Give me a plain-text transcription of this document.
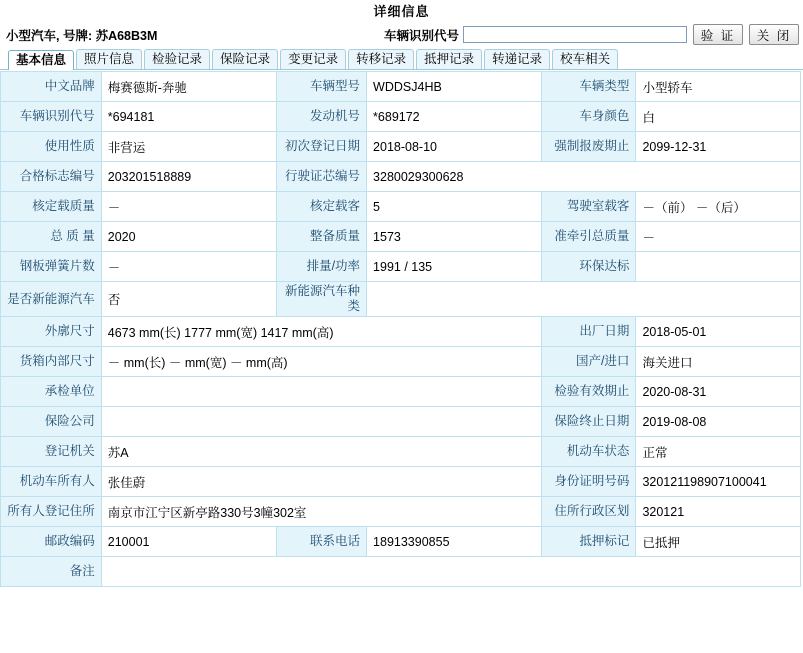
详细信息
小型汽车, 号牌: 苏A68B3M	车辆识别代号	验 证	关 闭
基本信息	照片信息	检验记录	保险记录	变更记录	转移记录	抵押记录	转递记录	校车相关
中文品牌	梅赛德斯-奔驰	车辆型号	WDDSJ4HB	车辆类型	小型轿车
车辆识别代号	*694181	发动机号	*689172	车身颜色	白
使用性质	非营运	初次登记日期	2018-08-10	强制报废期止	2099-12-31
合格标志编号	203201518889	行驶证芯编号	3280029300628		
核定载质量	－	核定载客	5	驾驶室载客	－（前） －（后）
总 质 量	2020	整备质量	1573	准牵引总质量	－
钢板弹簧片数	－	排量/功率	1991 / 135	环保达标	
是否新能源汽车	否	新能源汽车种类			
外廓尺寸	4673 mm(长) 1777 mm(宽) 1417 mm(高)			出厂日期	2018-05-01
货箱内部尺寸	－ mm(长) － mm(宽) － mm(高)			国产/进口	海关进口
承检单位				检验有效期止	2020-08-31
保险公司				保险终止日期	2019-08-08
登记机关	苏A			机动车状态	正常
机动车所有人	张佳蔚			身份证明号码	320121198907100041
所有人登记住所	南京市江宁区新亭路330号3幢302室			住所行政区划	320121
邮政编码	210001	联系电话	18913390855	抵押标记	已抵押
备注					
